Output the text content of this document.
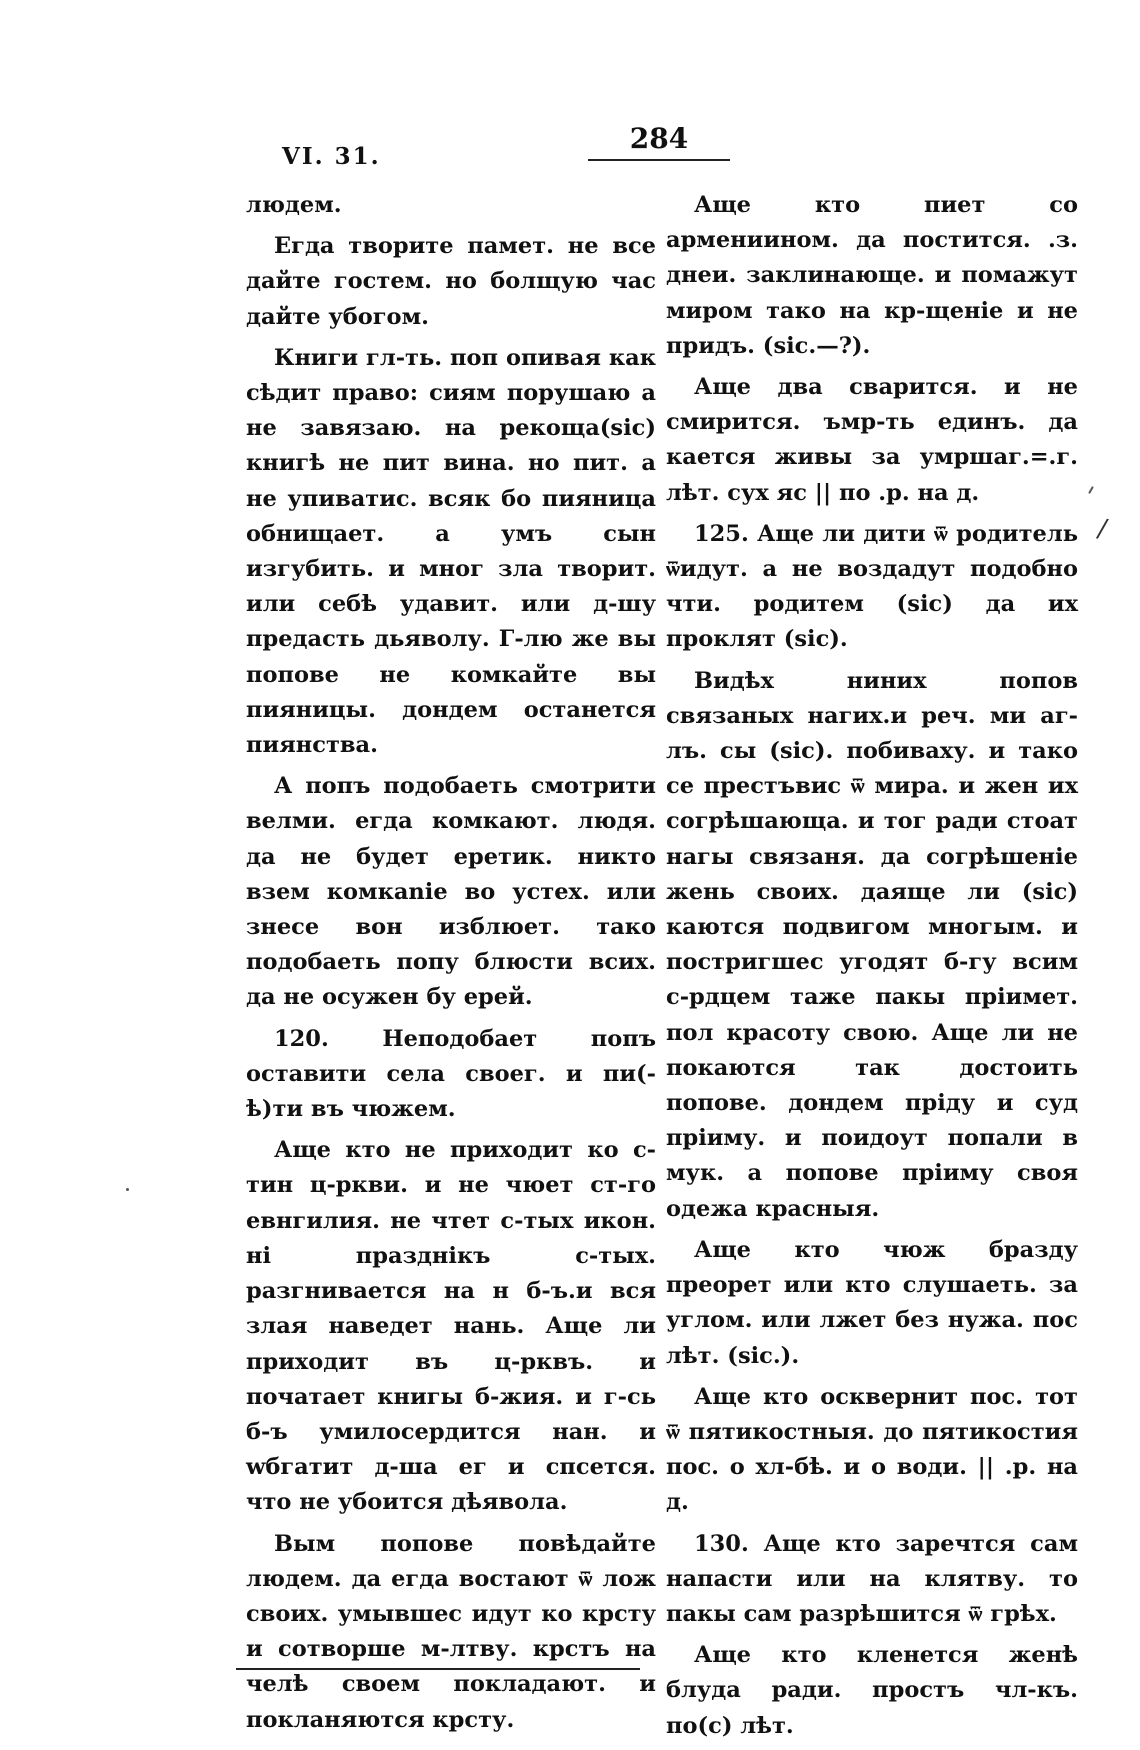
VI. 31.
284

людем.

Егда творите памет. не все дайте гостем. но болщую час дайте убогом.

Книги гл-ть. поп опивая как сѣдит право: сиям порушаю а не завязаю. на рекоща(sic) книгѣ не пит вина. но пит. а не упиватис. всяк бо пияница обнищает. а умъ сын изгубить. и мног зла творит. или себѣ удавит. или д-шу предасть дьяволу. Г-лю же вы попове не комкайте вы пияницы. дондем останется пиянства.

А попъ подобаеть смотрити велми. егда комкают. людя. да не будет еретик. никто взем комкаnie во устех. или знесе вон изблюет. тако подобаеть попу блюсти всих. да не осужен бу ерей.

120. Неподобает попъ оставити села своег. и пи(-ѣ)ти въ чюжем.

Аще кто не приходит ко с-тин ц-ркви. и не чюет ст-го евнгилия. не чтет с-тых икон. нi празднiкъ с-тых. разгнивается на н б-ъ.и вся злая наведет нань. Аще ли приходит въ ц-рквъ. и початает книгы б-жия. и г-сь б-ъ умилосердится нан. и wбгатит д-ша ег и спсется. что не убоится дѣявола.

Вым попове повѣдайте людем. да егда востают ѿ лож своих. умывшес идут ко крсту и сотворше м-лтву. крстъ на челѣ своем покладают. и покланяются крсту.

Аще кто пиет со армениином. да постится. .з. днеи. заклинающе. и помажут миром тако на кр-щенiе и не придъ. (sic.—?).

Аще два сварится. и не смирится. ъмр-ть единъ. да кается живы за умршаг.=.г. лѣт. сух яс || по .р. на д.

125. Аще ли дити ѿ родитель ѿидут. а не воздадут подобно чти. родитем (sic) да их проклят (sic).

Видѣх ниних попов связаных нагих.и реч. ми аг-лъ. сы (sic). побиваху. и тако се престъвис ѿ мира. и жен их согрѣшающа. и тог ради стоат нагы связаня. да согрѣшенiе жень своих. даяще ли (sic) каются подвигом многым. и постригшес угодят б-гу всим с-рдцем таже пакы прiимет. пол красоту свою. Аще ли не покаются так достоить попове. дондем прiду и суд прiиму. и поидоут попали в мук. а попове прiиму своя одежа красныя.

Аще кто чюж бразду преорет или кто слушаеть. за углом. или лжет без нужа. пос лѣт. (sic.).

Аще кто осквернит пос. тот ѿ пятикостныя. до пятикостия пос. о хл-бѣ. и о води. || .р. на д.

130. Аще кто заречтся сам напасти или на клятву. то пакы сам разрѣшится ѿ грѣх.

Аще кто кленется женѣ блуда ради. простъ чл-къ. по(с) лѣт.

/
